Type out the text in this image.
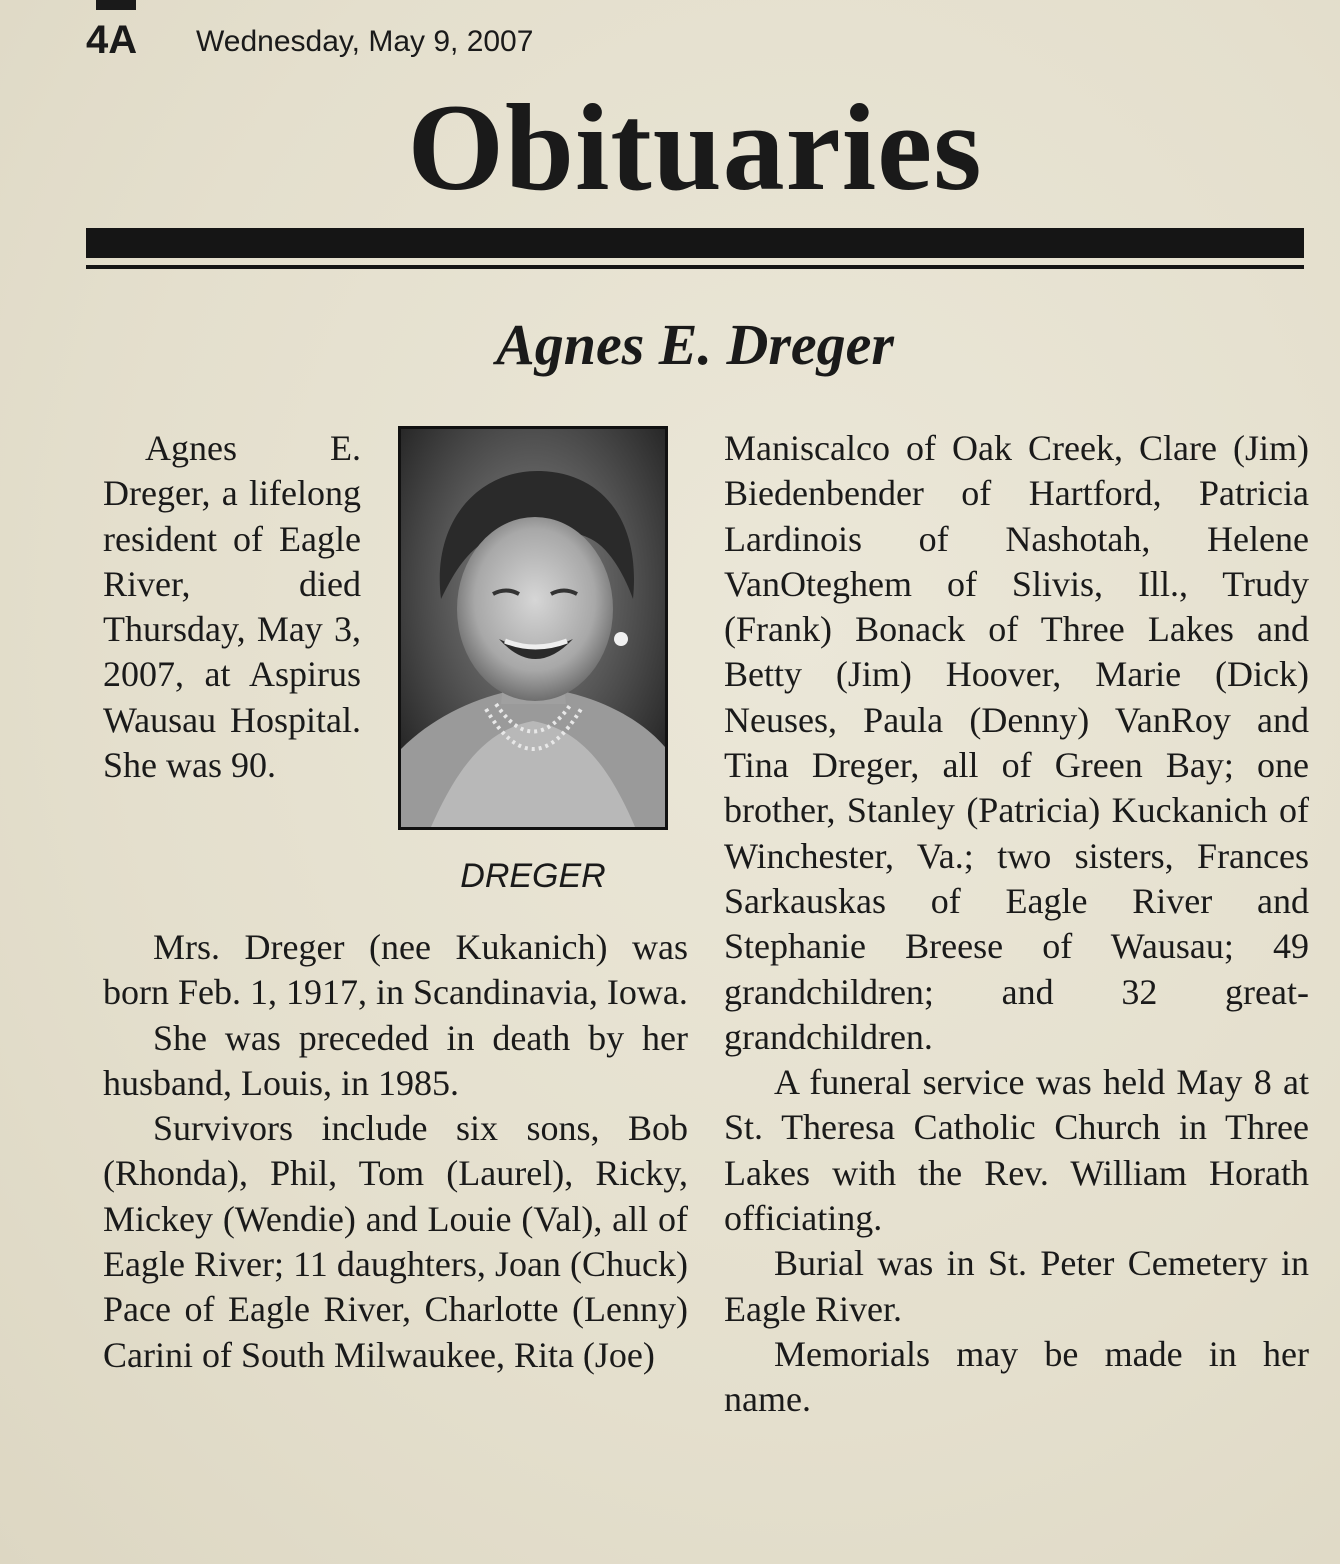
4A Wednesday, May 9, 2007
Obituaries
Agnes E. Dreger

Agnes E. Dreger, a lifelong resident of Eagle River, died Thursday, May 3, 2007, at Aspirus Wausau Hospital. She was 90.

DREGER
Mrs. Dreger (nee Kukanich) was born Feb. 1, 1917, in Scandinavia, Iowa.
She was preceded in death by her husband, Louis, in 1985.
Survivors include six sons, Bob (Rhonda), Phil, Tom (Laurel), Ricky, Mickey (Wendie) and Louie (Val), all of Eagle River; 11 daughters, Joan (Chuck) Pace of Eagle River, Charlotte (Lenny) Carini of South Milwaukee, Rita (Joe)
Maniscalco of Oak Creek, Clare (Jim) Biedenbender of Hartford, Patricia Lardinois of Nashotah, Helene VanOteghem of Slivis, Ill., Trudy (Frank) Bonack of Three Lakes and Betty (Jim) Hoover, Marie (Dick) Neuses, Paula (Denny) VanRoy and Tina Dreger, all of Green Bay; one brother, Stanley (Patricia) Kuckanich of Winchester, Va.; two sisters, Frances Sarkauskas of Eagle River and Stephanie Breese of Wausau; 49 grandchildren; and 32 great-grandchildren.
A funeral service was held May 8 at St. Theresa Catholic Church in Three Lakes with the Rev. William Horath officiating.
Burial was in St. Peter Cemetery in Eagle River.
Memorials may be made in her name.
